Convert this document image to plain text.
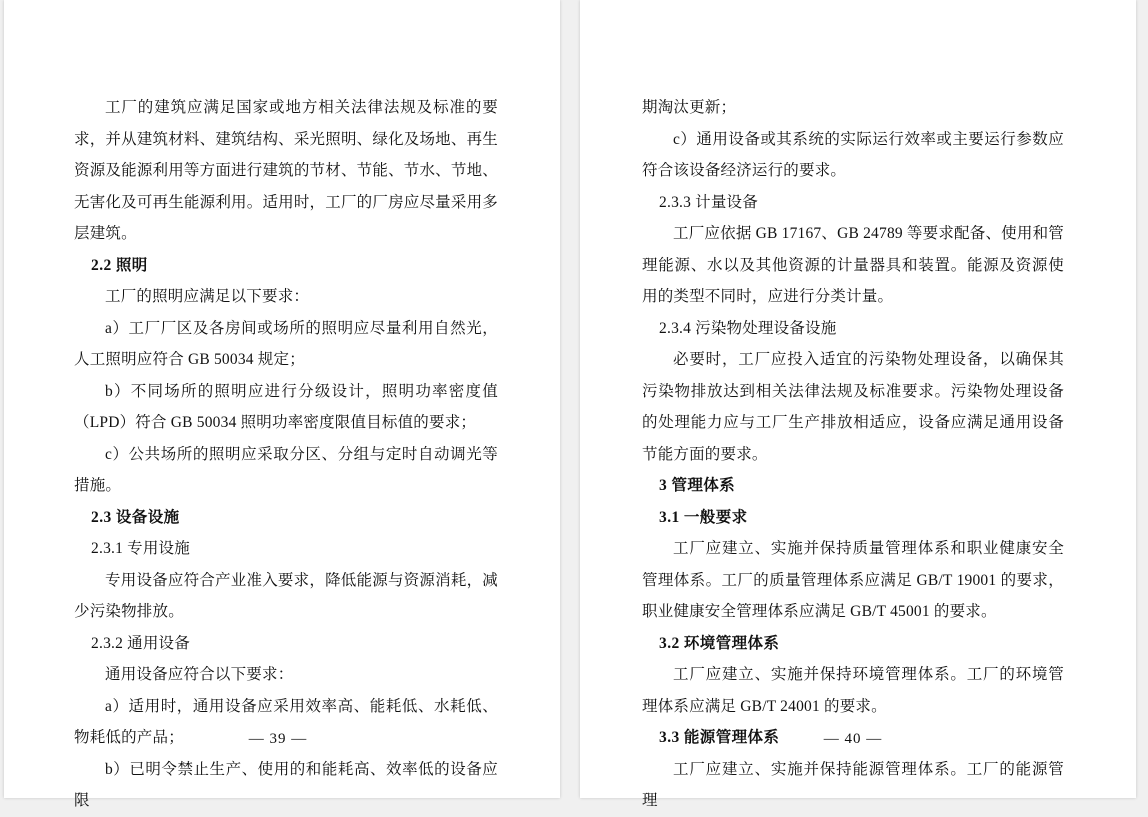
工厂的建筑应满足国家或地方相关法律法规及标准的要求，并从建筑材料、建筑结构、采光照明、绿化及场地、再生资源及能源利用等方面进行建筑的节材、节能、节水、节地、无害化及可再生能源利用。适用时，工厂的厂房应尽量采用多层建筑。

2.2 照明

工厂的照明应满足以下要求：

a）工厂厂区及各房间或场所的照明应尽量利用自然光，人工照明应符合 GB 50034 规定；

b）不同场所的照明应进行分级设计，照明功率密度值（LPD）符合 GB 50034 照明功率密度限值目标值的要求；

c）公共场所的照明应采取分区、分组与定时自动调光等措施。

2.3 设备设施

2.3.1 专用设施

专用设备应符合产业准入要求，降低能源与资源消耗，减少污染物排放。

2.3.2 通用设备

通用设备应符合以下要求：

a）适用时，通用设备应采用效率高、能耗低、水耗低、物耗低的产品；

b）已明令禁止生产、使用的和能耗高、效率低的设备应限

— 39 —

期淘汰更新；

c）通用设备或其系统的实际运行效率或主要运行参数应符合该设备经济运行的要求。

2.3.3 计量设备

工厂应依据 GB 17167、GB 24789 等要求配备、使用和管理能源、水以及其他资源的计量器具和装置。能源及资源使用的类型不同时，应进行分类计量。

2.3.4 污染物处理设备设施

必要时，工厂应投入适宜的污染物处理设备，以确保其污染物排放达到相关法律法规及标准要求。污染物处理设备的处理能力应与工厂生产排放相适应，设备应满足通用设备节能方面的要求。

3 管理体系

3.1 一般要求

工厂应建立、实施并保持质量管理体系和职业健康安全管理体系。工厂的质量管理体系应满足 GB/T 19001 的要求，职业健康安全管理体系应满足 GB/T 45001 的要求。

3.2 环境管理体系

工厂应建立、实施并保持环境管理体系。工厂的环境管理体系应满足 GB/T 24001 的要求。

3.3 能源管理体系

工厂应建立、实施并保持能源管理体系。工厂的能源管理

— 40 —
